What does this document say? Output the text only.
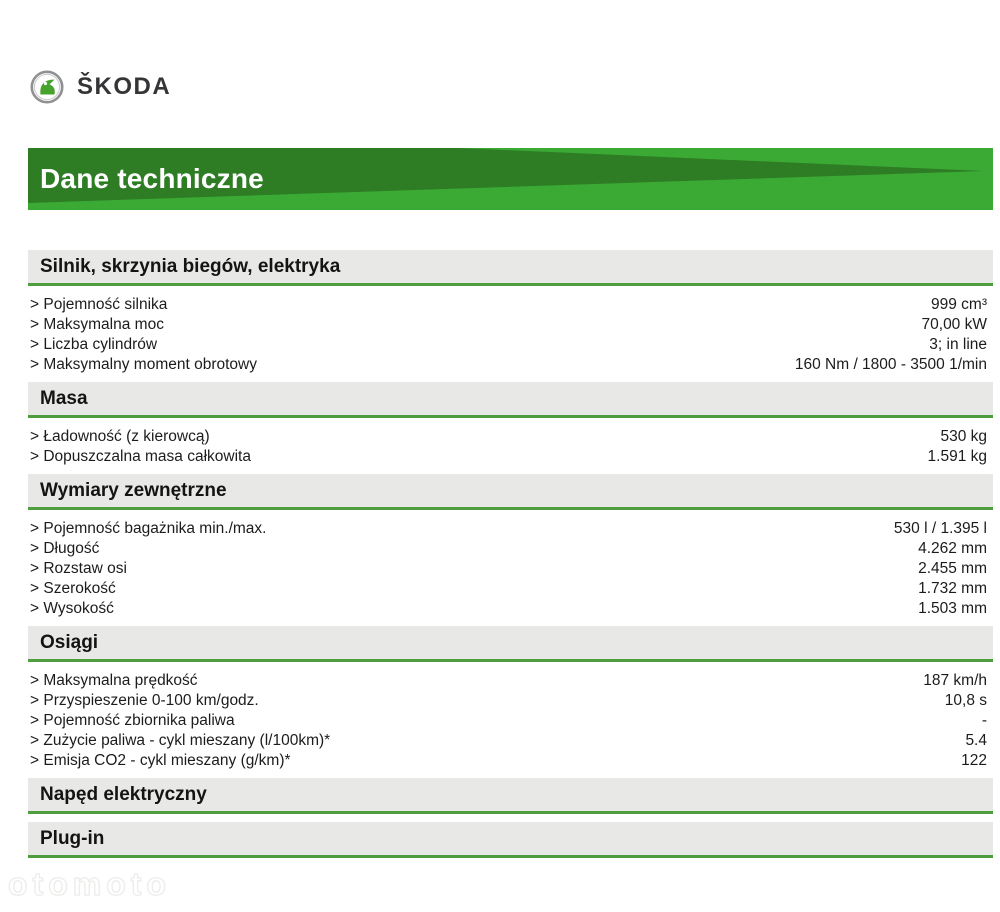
ŠKODA
Dane techniczne
Silnik, skrzynia biegów, elektryka
> Pojemność silnika	999 cm³
> Maksymalna moc	70,00 kW
> Liczba cylindrów	3; in line
> Maksymalny moment obrotowy	160 Nm / 1800 - 3500 1/min
Masa
> Ładowność (z kierowcą)	530 kg
> Dopuszczalna masa całkowita	1.591 kg
Wymiary zewnętrzne
> Pojemność bagażnika min./max.	530 l / 1.395 l
> Długość	4.262 mm
> Rozstaw osi	2.455 mm
> Szerokość	1.732 mm
> Wysokość	1.503 mm
Osiągi
> Maksymalna prędkość	187 km/h
> Przyspieszenie 0-100 km/godz.	10,8 s
> Pojemność zbiornika paliwa	-
> Zużycie paliwa - cykl mieszany (l/100km)*	5.4
> Emisja CO2 - cykl mieszany (g/km)*	122
Napęd elektryczny
Plug-in
otomoto
